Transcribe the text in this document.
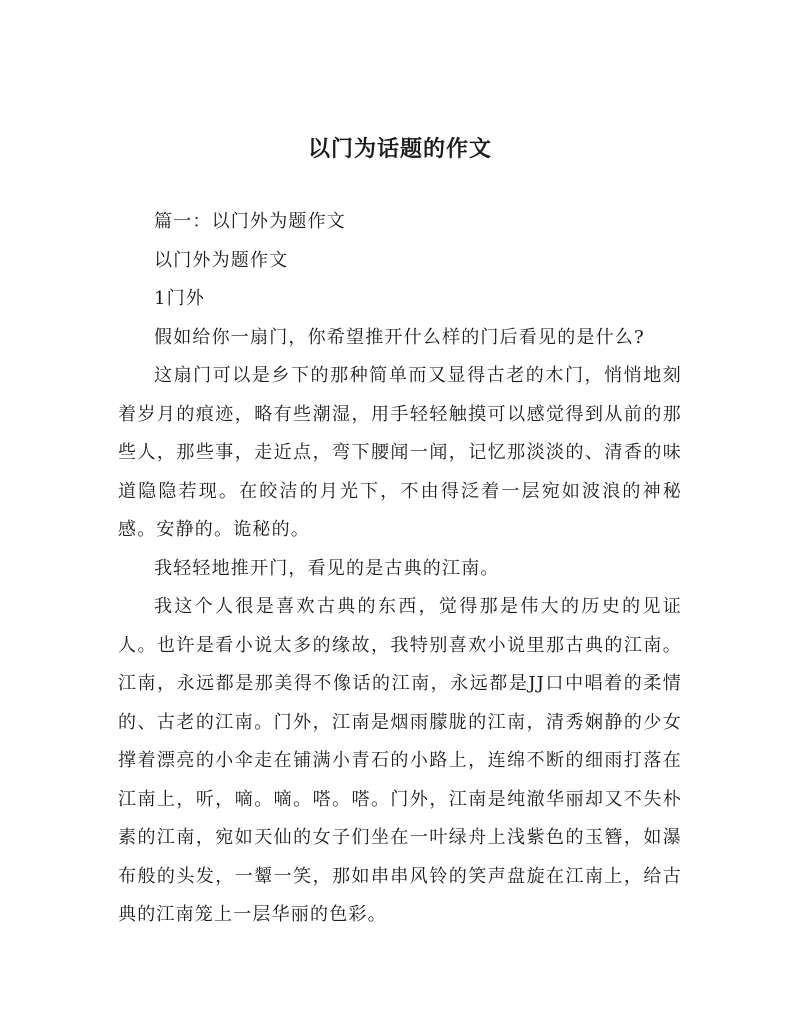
以门为话题的作文

篇一：以门外为题作文

以门外为题作文

1门外

假如给你一扇门，你希望推开什么样的门后看见的是什么?

这扇门可以是乡下的那种简单而又显得古老的木门，悄悄地刻着岁月的痕迹，略有些潮湿，用手轻轻触摸可以感觉得到从前的那些人，那些事，走近点，弯下腰闻一闻，记忆那淡淡的、清香的味道隐隐若现。在皎洁的月光下，不由得泛着一层宛如波浪的神秘感。安静的。诡秘的。

我轻轻地推开门，看见的是古典的江南。

我这个人很是喜欢古典的东西，觉得那是伟大的历史的见证人。也许是看小说太多的缘故，我特别喜欢小说里那古典的江南。江南，永远都是那美得不像话的江南，永远都是JJ口中唱着的柔情的、古老的江南。门外，江南是烟雨朦胧的江南，清秀娴静的少女撑着漂亮的小伞走在铺满小青石的小路上，连绵不断的细雨打落在江南上，听，嘀。嘀。嗒。嗒。门外，江南是纯澈华丽却又不失朴素的江南，宛如天仙的女子们坐在一叶绿舟上浅紫色的玉簪，如瀑布般的头发，一颦一笑，那如串串风铃的笑声盘旋在江南上，给古典的江南笼上一层华丽的色彩。
